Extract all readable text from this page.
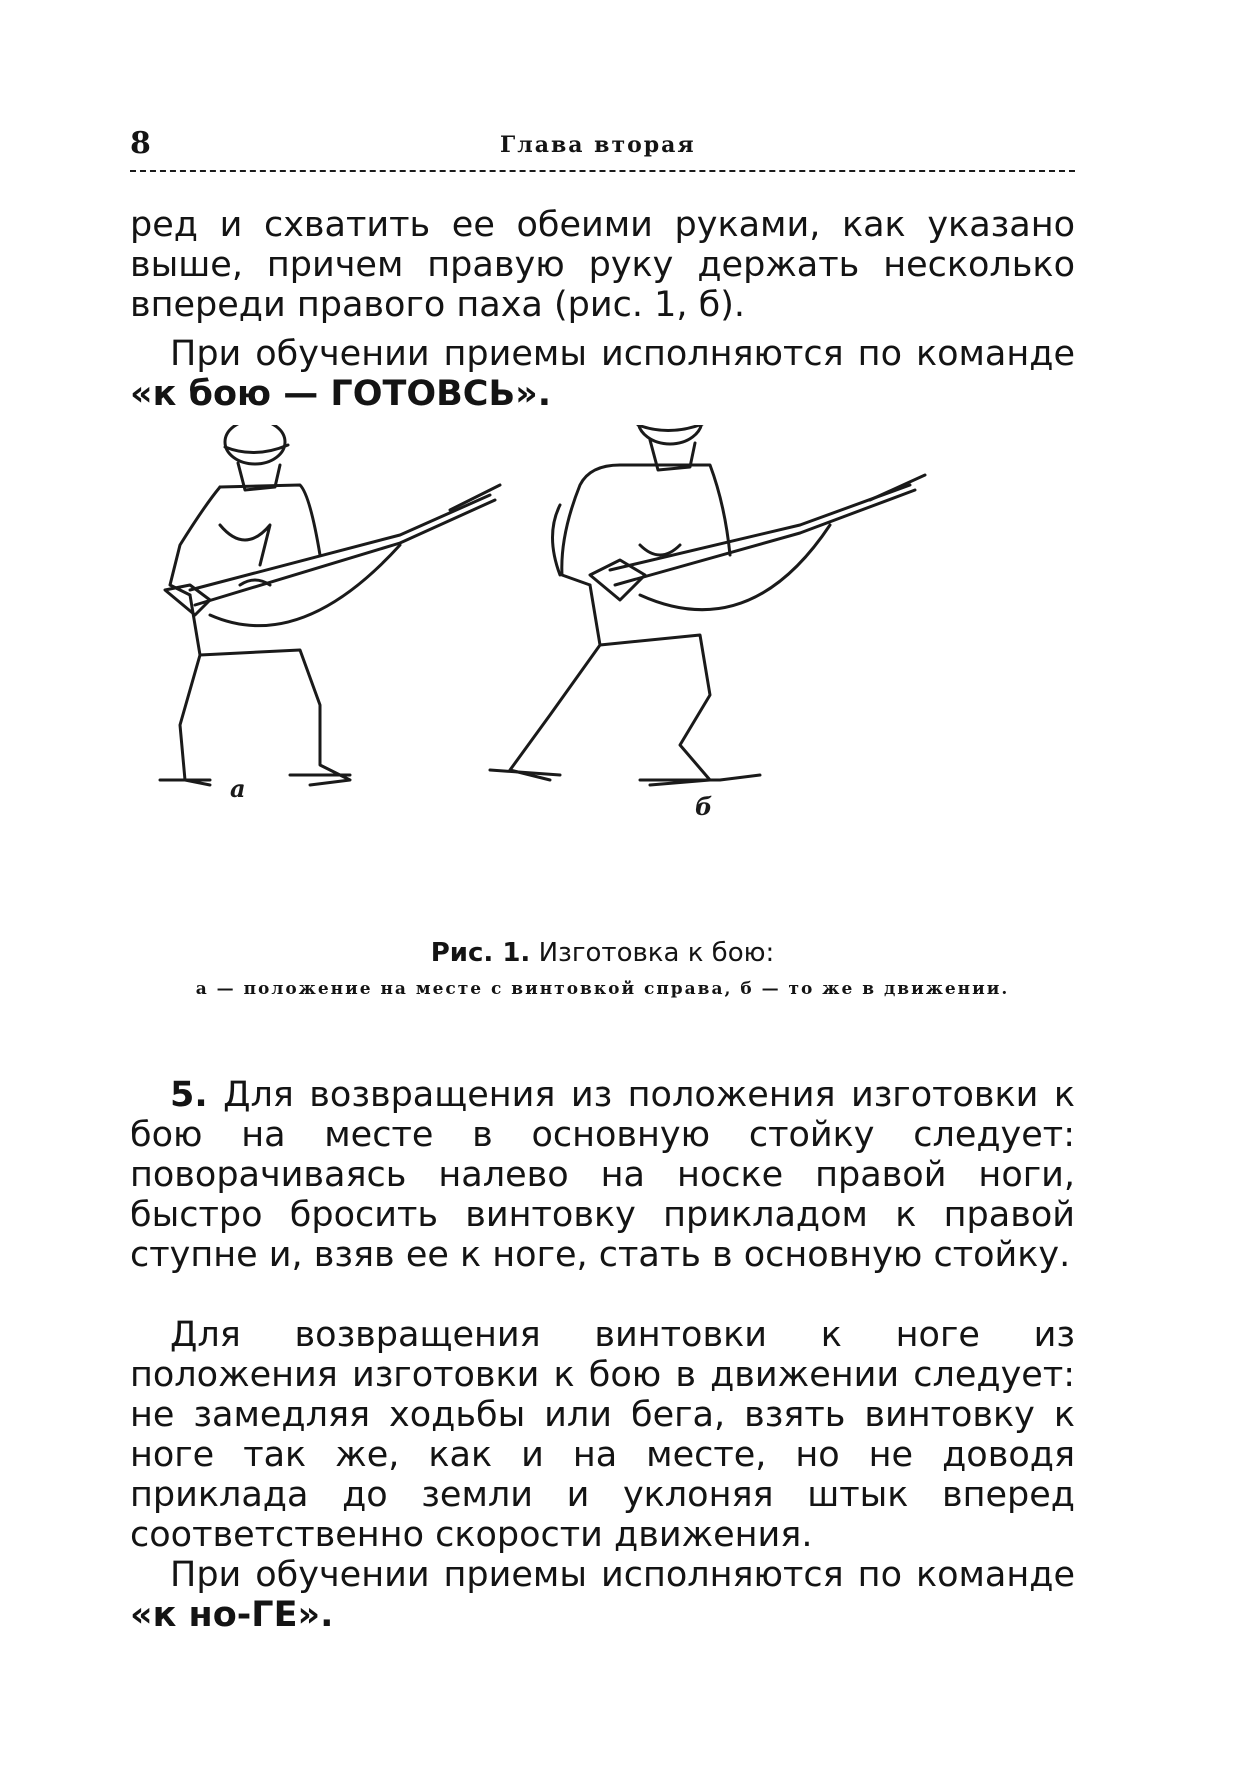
8	Глава вторая

ред и схватить ее обеими руками, как указано выше, причем правую руку держать несколько впереди правого паха (рис. 1, б).

При обучении приемы исполняются по команде «к бою — ГОТОВСЬ».

а
б
Рис. 1. Изготовка к бою:
а — положение на месте с винтовкой справа, б — то же в движении.

5. Для возвращения из положения изготовки к бою на месте в основную стойку следует: поворачиваясь налево на носке правой ноги, быстро бросить винтовку прикладом к правой ступне и, взяв ее к ноге, стать в основную стойку.

Для возвращения винтовки к ноге из положения изготовки к бою в движении следует: не замедляя ходьбы или бега, взять винтовку к ноге так же, как и на месте, но не доводя приклада до земли и уклоняя штык вперед соответственно скорости движения.

При обучении приемы исполняются по команде «к но-ГЕ».
